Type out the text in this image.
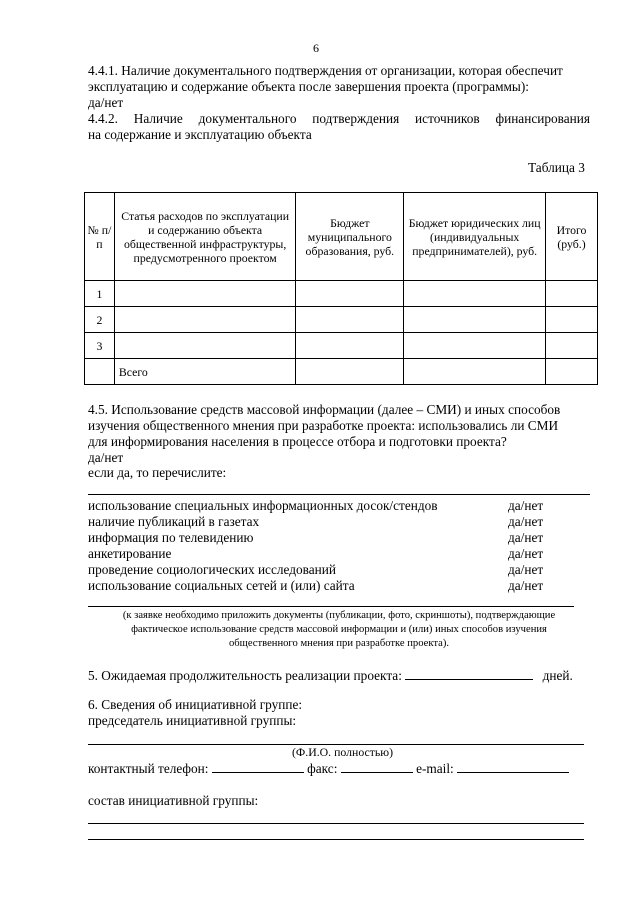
6
4.4.1. Наличие документального подтверждения от организации, которая обеспечит
эксплуатацию и содержание объекта после завершения проекта (программы):
да/нет
4.4.2. Наличие документального подтверждения источников финансирования
на содержание и эксплуатацию объекта
Таблица 3
№ п/п	Статья расходов по эксплуатации и содержанию объекта общественной инфраструктуры, предусмотренного проектом	Бюджет муниципального образования, руб.	Бюджет юридических лиц (индивидуальных предпринимателей), руб.	Итого (руб.)
1				
2				
3				
	Всего			
4.5. Использование средств массовой информации (далее – СМИ) и иных способов
изучения общественного мнения при разработке проекта: использовались ли СМИ
для информирования населения в процессе отбора и подготовки проекта?
да/нет
если да, то перечислите:
использование специальных информационных досок/стендов	да/нет
наличие публикаций в газетах	да/нет
информация по телевидению	да/нет
анкетирование	да/нет
проведение социологических исследований	да/нет
использование социальных сетей и (или) сайта	да/нет
(к заявке необходимо приложить документы (публикации, фото, скриншоты), подтверждающие
фактическое использование средств массовой информации и (или) иных способов изучения
общественного мнения при разработке проекта).
5. Ожидаемая продолжительность реализации проекта:	дней.
6. Сведения об инициативной группе:
председатель инициативной группы:
(Ф.И.О. полностью)
контактный телефон:	факс:	e-mail:
состав инициативной группы:
